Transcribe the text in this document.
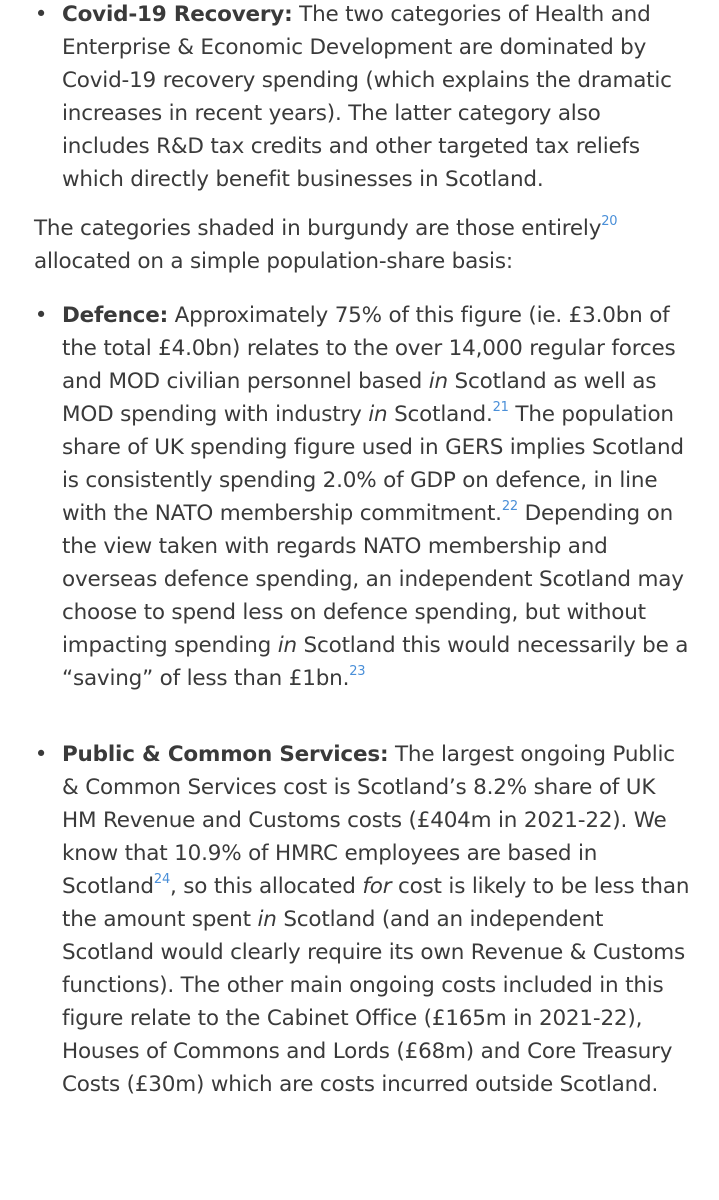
• Covid-19 Recovery: The two categories of Health and Enterprise & Economic Development are dominated by Covid-19 recovery spending (which explains the dramatic increases in recent years). The latter category also includes R&D tax credits and other targeted tax reliefs which directly benefit businesses in Scotland.

The categories shaded in burgundy are those entirely$^{20}$ allocated on a simple population-share basis:

• Defence: Approximately 75% of this figure (ie. £3.0bn of the total £4.0bn) relates to the over 14,000 regular forces and MOD civilian personnel based in Scotland as well as MOD spending with industry in Scotland.$^{21}$ The population share of UK spending figure used in GERS implies Scotland is consistently spending 2.0% of GDP on defence, in line with the NATO membership commitment.$^{22}$ Depending on the view taken with regards NATO membership and overseas defence spending, an independent Scotland may choose to spend less on defence spending, but without impacting spending in Scotland this would necessarily be a “saving” of less than £1bn.$^{23}$
• Public & Common Services: The largest ongoing Public & Common Services cost is Scotland’s 8.2% share of UK HM Revenue and Customs costs (£404m in 2021-22). We know that 10.9% of HMRC employees are based in Scotland$^{24}$, so this allocated for cost is likely to be less than the amount spent in Scotland (and an independent Scotland would clearly require its own Revenue & Customs functions). The other main ongoing costs included in this figure relate to the Cabinet Office (£165m in 2021-22), Houses of Commons and Lords (£68m) and Core Treasury Costs (£30m) which are costs incurred outside Scotland.
